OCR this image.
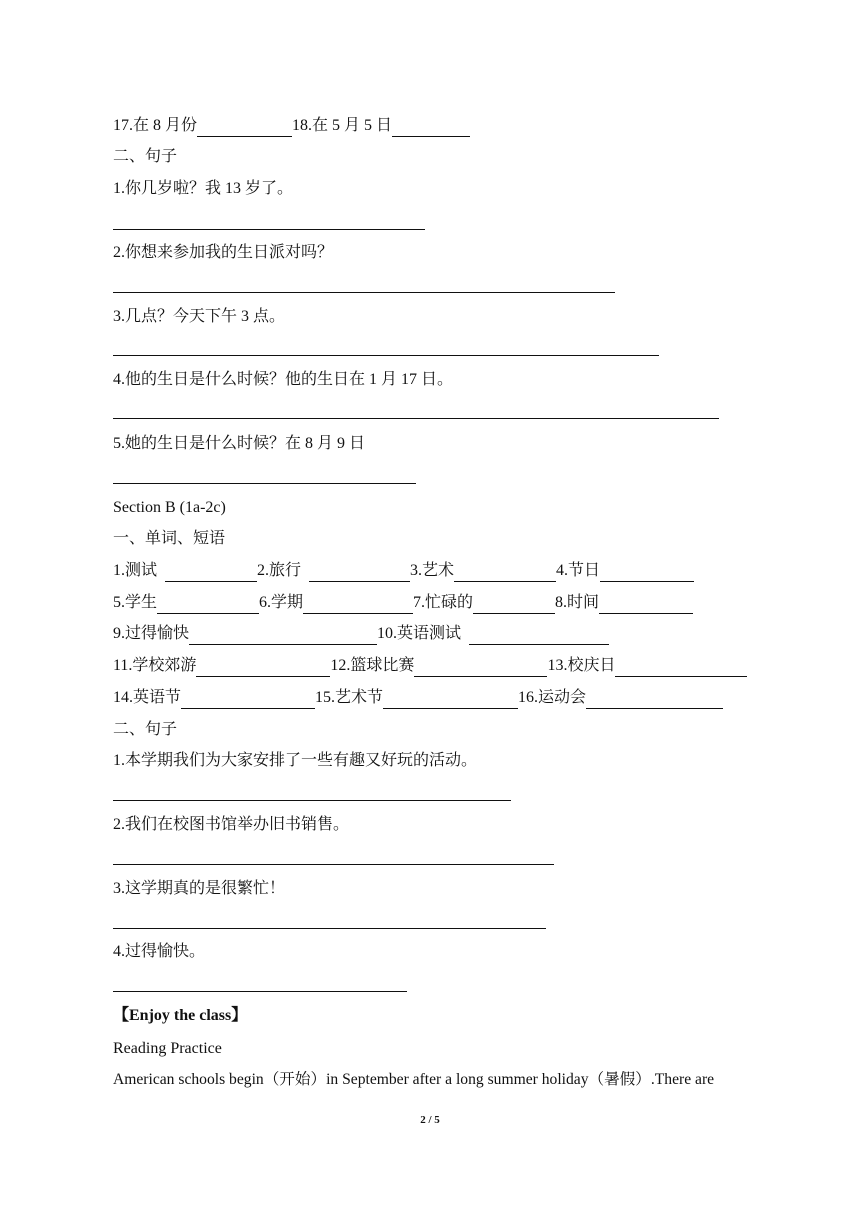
17.在 8 月份	18.在 5 月 5 日
二、句子
1.你几岁啦？我 13 岁了。
2.你想来参加我的生日派对吗？
3.几点？今天下午 3 点。
4.他的生日是什么时候？他的生日在 1 月 17 日。
5.她的生日是什么时候？在 8 月 9 日
Section B (1a-2c)
一、单词、短语
1.测试	2.旅行	3.艺术	4.节日
5.学生	6.学期	7.忙碌的	8.时间
9.过得愉快	10.英语测试
11.学校郊游	12.篮球比赛	13.校庆日
14.英语节	15.艺术节	16.运动会
二、句子
1.本学期我们为大家安排了一些有趣又好玩的活动。
2.我们在校图书馆举办旧书销售。
3.这学期真的是很繁忙！
4.过得愉快。
【Enjoy the class】
Reading Practice
American schools begin（开始）in September after a long summer holiday（暑假）.There are
2 / 5
